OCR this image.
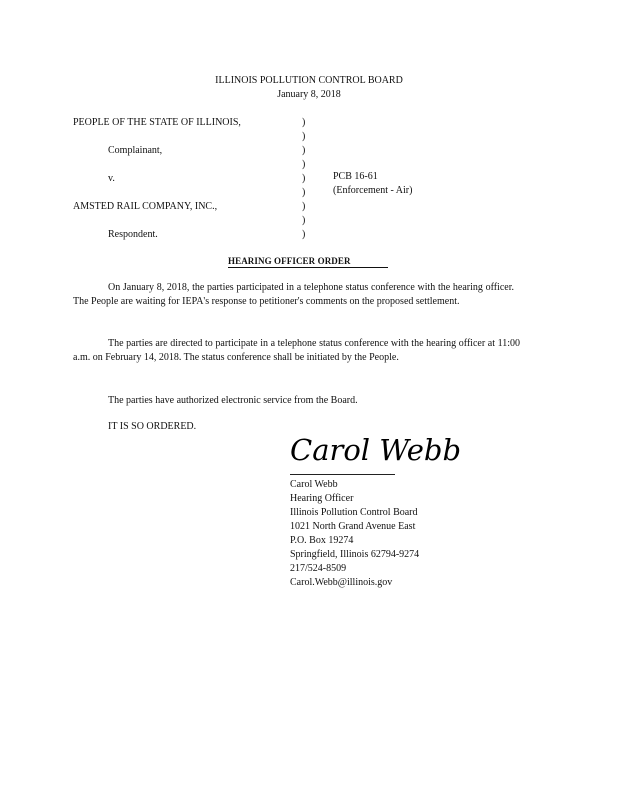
ILLINOIS POLLUTION CONTROL BOARD
January 8, 2018
PEOPLE OF THE STATE OF ILLINOIS,
Complainant,
v.
AMSTED RAIL COMPANY, INC.,
Respondent.
)
)
)
)
)
)
)
)
)
PCB 16-61
(Enforcement - Air)
HEARING OFFICER ORDER
On January 8, 2018, the parties participated in a telephone status conference with the hearing officer. The People are waiting for IEPA's response to petitioner's comments on the proposed settlement.
The parties are directed to participate in a telephone status conference with the hearing officer at 11:00 a.m. on February 14, 2018. The status conference shall be initiated by the People.
The parties have authorized electronic service from the Board.
IT IS SO ORDERED.
Carol Webb
Carol Webb
Hearing Officer
Illinois Pollution Control Board
1021 North Grand Avenue East
P.O. Box 19274
Springfield, Illinois 62794-9274
217/524-8509
Carol.Webb@illinois.gov
